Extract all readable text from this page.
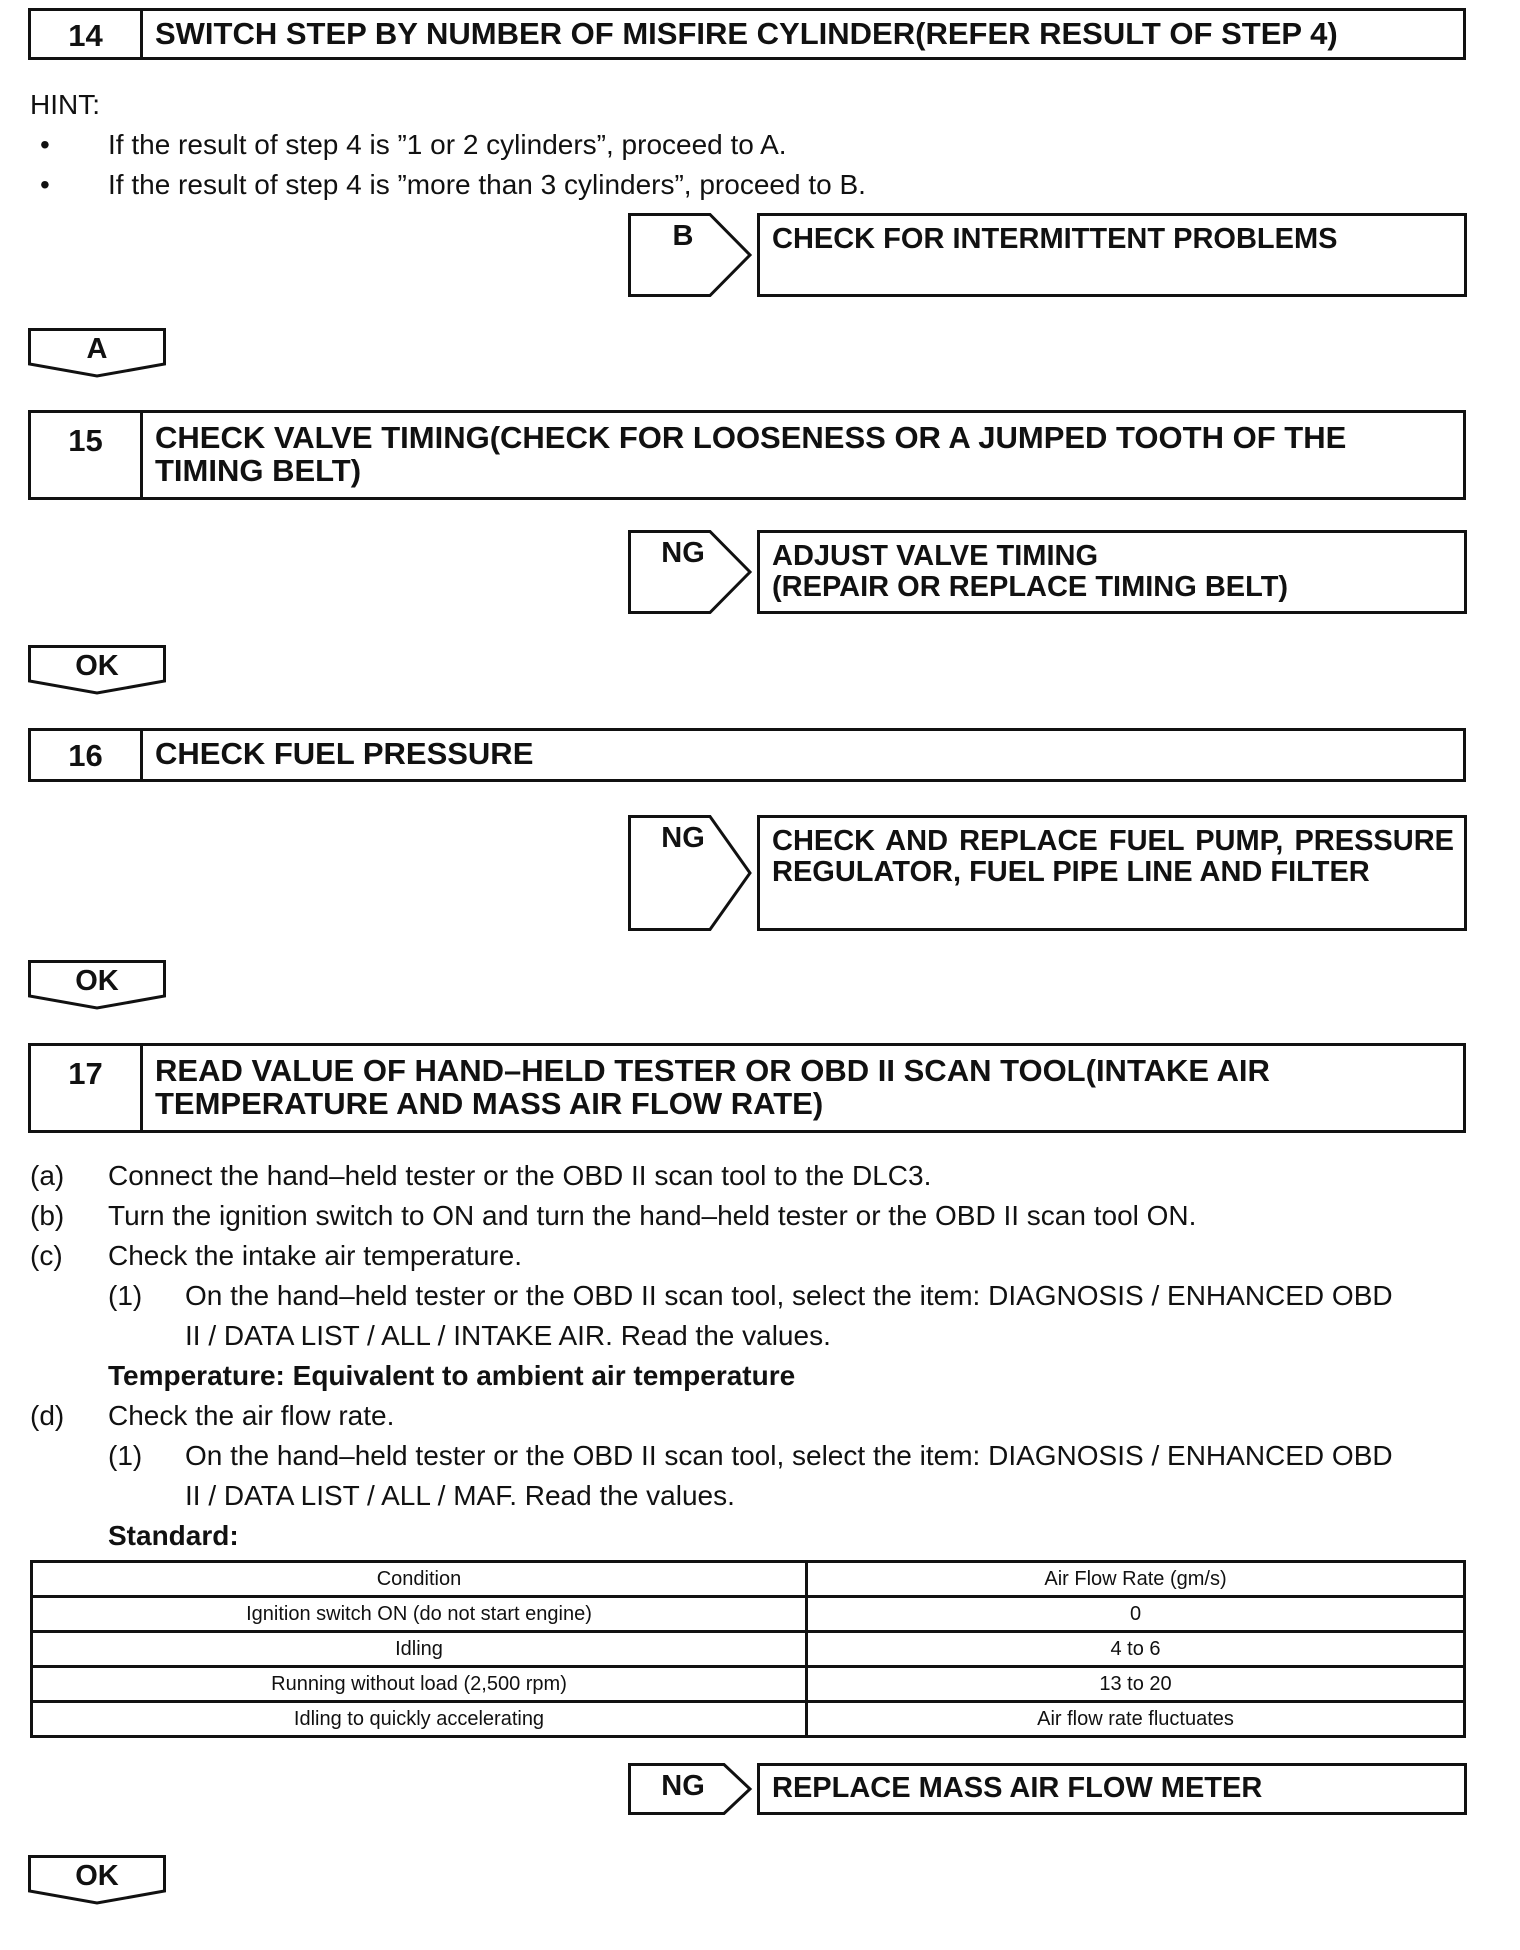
14	SWITCH STEP BY NUMBER OF MISFIRE CYLINDER(REFER RESULT OF STEP 4)
HINT:
• If the result of step 4 is ”1 or 2 cylinders”, proceed to A.
• If the result of step 4 is ”more than 3 cylinders”, proceed to B.
B	CHECK FOR INTERMITTENT PROBLEMS
A
15	CHECK VALVE TIMING(CHECK FOR LOOSENESS OR A JUMPED TOOTH OF THE TIMING BELT)
NG	ADJUST VALVE TIMING
(REPAIR OR REPLACE TIMING BELT)
OK
16	CHECK FUEL PRESSURE
NG	CHECK AND REPLACE FUEL PUMP, PRESSURE REGULATOR, FUEL PIPE LINE AND FILTER
OK
17	READ VALUE OF HAND–HELD TESTER OR OBD II SCAN TOOL(INTAKE AIR TEMPERATURE AND MASS AIR FLOW RATE)
(a) Connect the hand–held tester or the OBD II scan tool to the DLC3.
(b) Turn the ignition switch to ON and turn the hand–held tester or the OBD II scan tool ON.
(c) Check the intake air temperature.
(1) On the hand–held tester or the OBD II scan tool, select the item: DIAGNOSIS / ENHANCED OBD
II / DATA LIST / ALL / INTAKE AIR. Read the values.
Temperature: Equivalent to ambient air temperature
(d) Check the air flow rate.
(1) On the hand–held tester or the OBD II scan tool, select the item: DIAGNOSIS / ENHANCED OBD
II / DATA LIST / ALL / MAF. Read the values.
Standard:
Condition	Air Flow Rate (gm/s)
Ignition switch ON (do not start engine)	0
Idling	4 to 6
Running without load (2,500 rpm)	13 to 20
Idling to quickly accelerating	Air flow rate fluctuates
NG	REPLACE MASS AIR FLOW METER
OK
